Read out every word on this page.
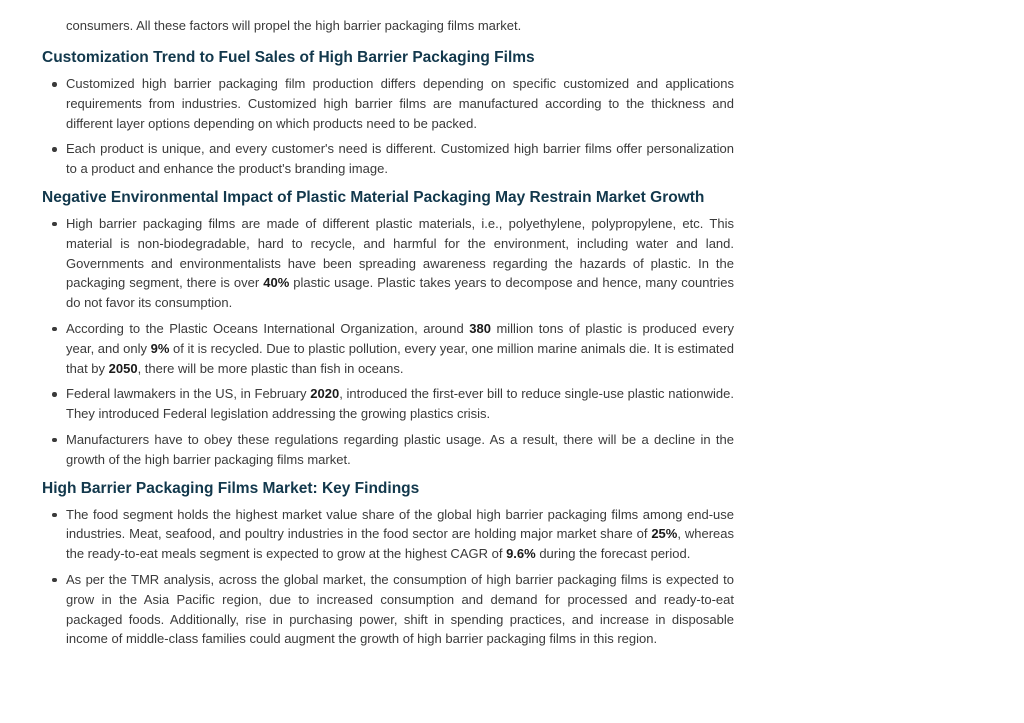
consumers. All these factors will propel the high barrier packaging films market.

Customization Trend to Fuel Sales of High Barrier Packaging Films
Customized high barrier packaging film production differs depending on specific customized and applications requirements from industries. Customized high barrier films are manufactured according to the thickness and different layer options depending on which products need to be packed.
Each product is unique, and every customer's need is different. Customized high barrier films offer personalization to a product and enhance the product's branding image.
Negative Environmental Impact of Plastic Material Packaging May Restrain Market Growth
High barrier packaging films are made of different plastic materials, i.e., polyethylene, polypropylene, etc. This material is non-biodegradable, hard to recycle, and harmful for the environment, including water and land. Governments and environmentalists have been spreading awareness regarding the hazards of plastic. In the packaging segment, there is over 40% plastic usage. Plastic takes years to decompose and hence, many countries do not favor its consumption.
According to the Plastic Oceans International Organization, around 380 million tons of plastic is produced every year, and only 9% of it is recycled. Due to plastic pollution, every year, one million marine animals die. It is estimated that by 2050, there will be more plastic than fish in oceans.
Federal lawmakers in the US, in February 2020, introduced the first-ever bill to reduce single-use plastic nationwide. They introduced Federal legislation addressing the growing plastics crisis.
Manufacturers have to obey these regulations regarding plastic usage. As a result, there will be a decline in the growth of the high barrier packaging films market.
High Barrier Packaging Films Market: Key Findings
The food segment holds the highest market value share of the global high barrier packaging films among end-use industries. Meat, seafood, and poultry industries in the food sector are holding major market share of 25%, whereas the ready-to-eat meals segment is expected to grow at the highest CAGR of 9.6% during the forecast period.
As per the TMR analysis, across the global market, the consumption of high barrier packaging films is expected to grow in the Asia Pacific region, due to increased consumption and demand for processed and ready-to-eat packaged foods. Additionally, rise in purchasing power, shift in spending practices, and increase in disposable income of middle-class families could augment the growth of high barrier packaging films in this region.
